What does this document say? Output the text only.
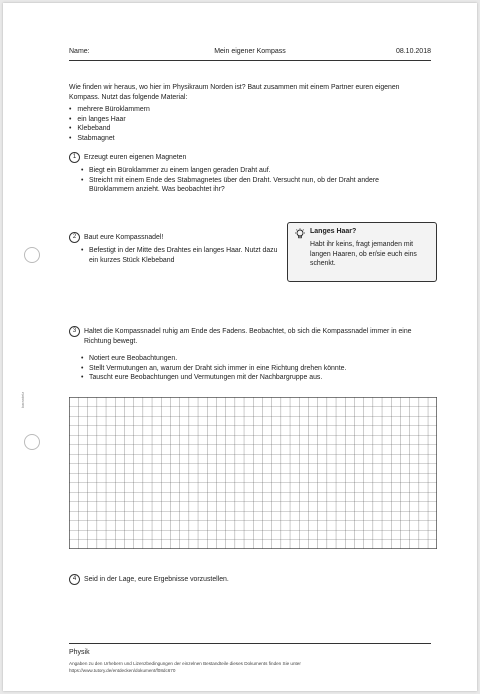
Name:	Mein eigener Kompass	08.10.2018
Wie finden wir heraus, wo hier im Physikraum Norden ist? Baut zusammen mit einem Partner euren eigenen Kompass. Nutzt das folgende Material:
• mehrere Büroklammern
• ein langes Haar
• Klebeband
• Stabmagnet
1	Erzeugt euren eigenen Magneten
• Biegt ein Büroklammer zu einem langen geraden Draht auf.
• Streicht mit einem Ende des Stabmagnetes über den Draht. Versucht nun, ob der Draht andere Büroklammern anzieht. Was beobachtet ihr?
2	Baut eure Kompassnadel!
• Befestigt in der Mitte des Drahtes ein langes Haar. Nutzt dazu ein kurzes Stück Klebeband
Langes Haar?
Habt ihr keins, fragt jemanden mit langen Haaren, ob er/sie euch eins schenkt.
3	Haltet die Kompassnadel ruhig am Ende des Fadens. Beobachtet, ob sich die Kompassnadel immer in eine Richtung bewegt.
• Notiert eure Beobachtungen.
• Stellt Vermutungen an, warum der Draht sich immer in eine Richtung drehen könnte.
• Tauscht eure Beobachtungen und Vermutungen mit der Nachbargruppe aus.
4	Seid in der Lage, eure Ergebnisse vorzustellen.
karantelz
Physik
Angaben zu den Urhebern und Lizenzbedingungen der einzelnen Bestandteile dieses Dokuments finden Sie unter
https://www.tutory.de/entdecken/dokument/f08dc670
